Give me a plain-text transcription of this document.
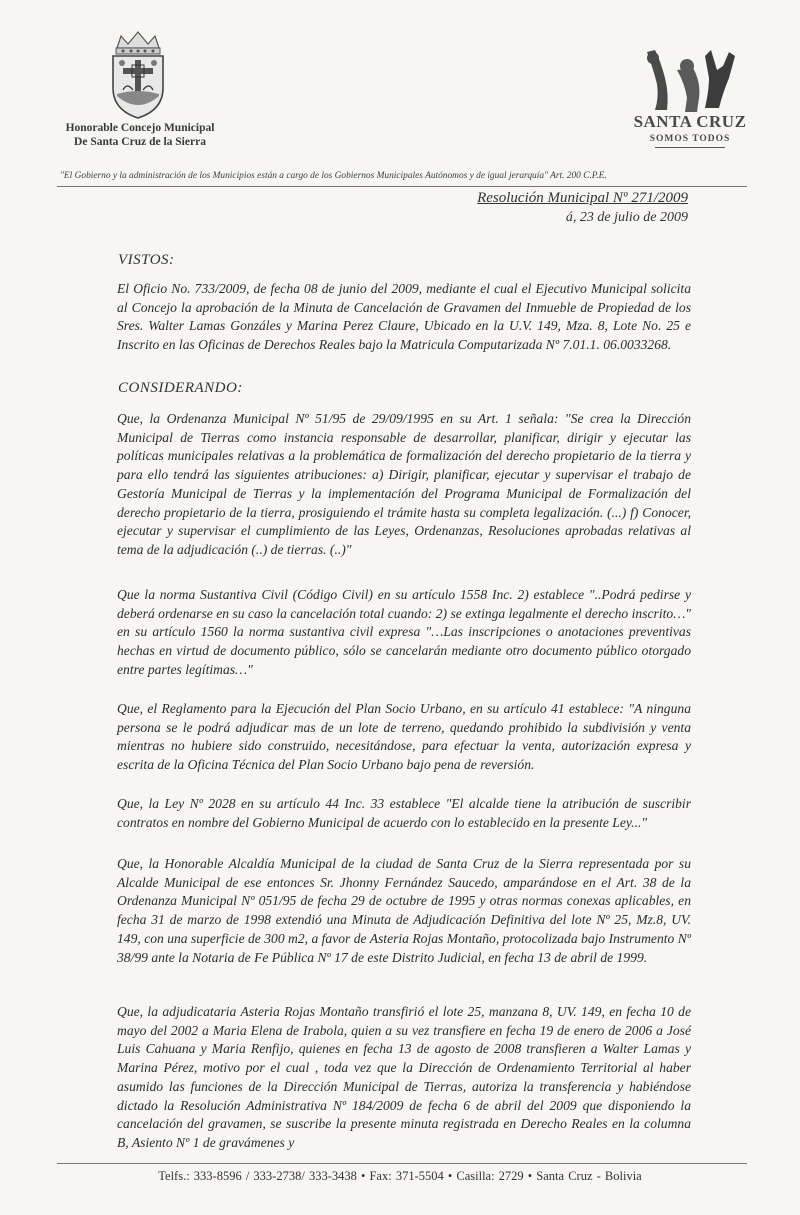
Honorable Concejo Municipal
De Santa Cruz de la Sierra
SANTA CRUZ
SOMOS TODOS
"El Gobierno y la administración de los Municipios están a cargo de los Gobiernos Municipales Autónomos y de igual jerarquía" Art. 200 C.P.E.
Resolución Municipal Nº 271/2009
á, 23 de julio de 2009
VISTOS:

El Oficio No. 733/2009, de fecha 08 de junio del 2009, mediante el cual el Ejecutivo Municipal solicita al Concejo la aprobación de la Minuta de Cancelación de Gravamen del Inmueble de Propiedad de los Sres. Walter Lamas Gonzáles y Marina Perez Claure, Ubicado en la U.V. 149, Mza. 8, Lote No. 25 e Inscrito en las Oficinas de Derechos Reales bajo la Matricula Computarizada Nº 7.01.1. 06.0033268.

CONSIDERANDO:

Que, la Ordenanza Municipal Nº 51/95 de 29/09/1995 en su Art. 1 señala: "Se crea la Dirección Municipal de Tierras como instancia responsable de desarrollar, planificar, dirigir y ejecutar las políticas municipales relativas a la problemática de formalización del derecho propietario de la tierra y para ello tendrá las siguientes atribuciones: a) Dirigir, planificar, ejecutar y supervisar el trabajo de Gestoría Municipal de Tierras y la implementación del Programa Municipal de Formalización del derecho propietario de la tierra, prosiguiendo el trámite hasta su completa legalización. (...) f) Conocer, ejecutar y supervisar el cumplimiento de las Leyes, Ordenanzas, Resoluciones aprobadas relativas al tema de la adjudicación (..) de tierras. (..)"

Que la norma Sustantiva Civil (Código Civil) en su artículo 1558 Inc. 2) establece "..Podrá pedirse y deberá ordenarse en su caso la cancelación total cuando: 2) se extinga legalmente el derecho inscrito…" en su artículo 1560 la norma sustantiva civil expresa "…Las inscripciones o anotaciones preventivas hechas en virtud de documento público, sólo se cancelarán mediante otro documento público otorgado entre partes legítimas…"

Que, el Reglamento para la Ejecución del Plan Socio Urbano, en su artículo 41 establece: "A ninguna persona se le podrá adjudicar mas de un lote de terreno, quedando prohibido la subdivisión y venta mientras no hubiere sido construido, necesitándose, para efectuar la venta, autorización expresa y escrita de la Oficina Técnica del Plan Socio Urbano bajo pena de reversión.

Que, la Ley Nº 2028 en su artículo 44 Inc. 33 establece "El alcalde tiene la atribución de suscribir contratos en nombre del Gobierno Municipal de acuerdo con lo establecido en la presente Ley..."

Que, la Honorable Alcaldía Municipal de la ciudad de Santa Cruz de la Sierra representada por su Alcalde Municipal de ese entonces Sr. Jhonny Fernández Saucedo, amparándose en el Art. 38 de la Ordenanza Municipal Nº 051/95 de fecha 29 de octubre de 1995 y otras normas conexas aplicables, en fecha 31 de marzo de 1998 extendió una Minuta de Adjudicación Definitiva del lote Nº 25, Mz.8, UV. 149, con una superficie de 300 m2, a favor de Asteria Rojas Montaño, protocolizada bajo Instrumento Nº 38/99 ante la Notaria de Fe Pública Nº 17 de este Distrito Judicial, en fecha 13 de abril de 1999.

Que, la adjudicataria Asteria Rojas Montaño transfirió el lote 25, manzana 8, UV. 149, en fecha 10 de mayo del 2002 a Maria Elena de Irabola, quien a su vez transfiere en fecha 19 de enero de 2006 a José Luis Cahuana y Maria Renfijo, quienes en fecha 13 de agosto de 2008 transfieren a Walter Lamas y Marina Pérez, motivo por el cual , toda vez que la Dirección de Ordenamiento Territorial al haber asumido las funciones de la Dirección Municipal de Tierras, autoriza la transferencia y habiéndose dictado la Resolución Administrativa Nº 184/2009 de fecha 6 de abril del 2009 que disponiendo la cancelación del gravamen, se suscribe la presente minuta registrada en Derecho Reales en la columna B, Asiento Nº 1 de gravámenes y

Telfs.: 333-8596 / 333-2738/ 333-3438 • Fax: 371-5504 • Casilla: 2729 • Santa Cruz - Bolivia
